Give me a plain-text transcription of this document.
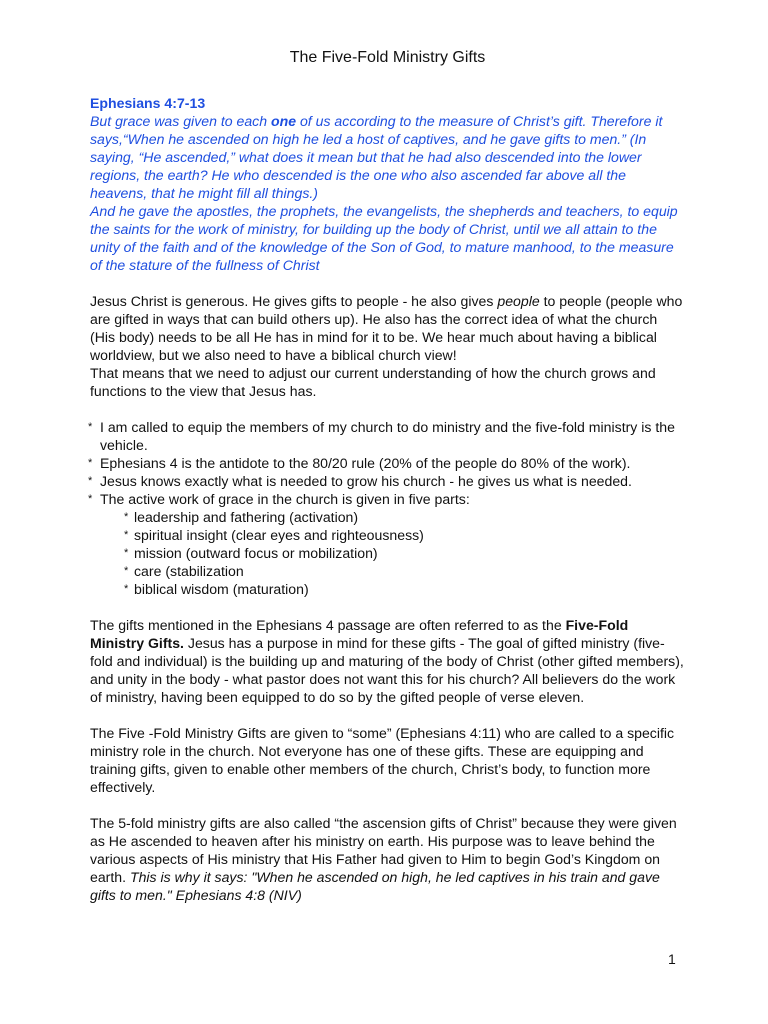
The Five-Fold Ministry Gifts

Ephesians 4:7-13

But grace was given to each one of us according to the measure of Christ’s gift. Therefore it says,“When he ascended on high he led a host of captives, and he gave gifts to men.” (In saying, “He ascended,” what does it mean but that he had also descended into the lower regions, the earth? He who descended is the one who also ascended far above all the heavens, that he might fill all things.)

And he gave the apostles, the prophets, the evangelists, the shepherds and teachers, to equip the saints for the work of ministry, for building up the body of Christ, until we all attain to the unity of the faith and of the knowledge of the Son of God, to mature manhood, to the measure of the stature of the fullness of Christ

Jesus Christ is generous. He gives gifts to people - he also gives people to people (people who are gifted in ways that can build others up). He also has the correct idea of what the church (His body) needs to be all He has in mind for it to be. We hear much about having a biblical worldview, but we also need to have a biblical church view!

That means that we need to adjust our current understanding of how the church grows and functions to the view that Jesus has.

* I am called to equip the members of my church to do ministry and the five-fold ministry is the vehicle.
* Ephesians 4 is the antidote to the 80/20 rule (20% of the people do 80% of the work).
* Jesus knows exactly what is needed to grow his church - he gives us what is needed.
* The active work of grace in the church is given in five parts:
* leadership and fathering (activation)
* spiritual insight (clear eyes and righteousness)
* mission (outward focus or mobilization)
* care (stabilization
* biblical wisdom (maturation)

The gifts mentioned in the Ephesians 4 passage are often referred to as the Five-Fold Ministry Gifts. Jesus has a purpose in mind for these gifts - The goal of gifted ministry (five-fold and individual) is the building up and maturing of the body of Christ (other gifted members), and unity in the body - what pastor does not want this for his church? All believers do the work of ministry, having been equipped to do so by the gifted people of verse eleven.

The Five -Fold Ministry Gifts are given to “some” (Ephesians 4:11) who are called to a specific ministry role in the church. Not everyone has one of these gifts. These are equipping and training gifts, given to enable other members of the church, Christ’s body, to function more effectively.

The 5-fold ministry gifts are also called “the ascension gifts of Christ” because they were given as He ascended to heaven after his ministry on earth. His purpose was to leave behind the various aspects of His ministry that His Father had given to Him to begin God’s Kingdom on earth. This is why it says: "When he ascended on high, he led captives in his train and gave gifts to men." Ephesians 4:8 (NIV)

1
